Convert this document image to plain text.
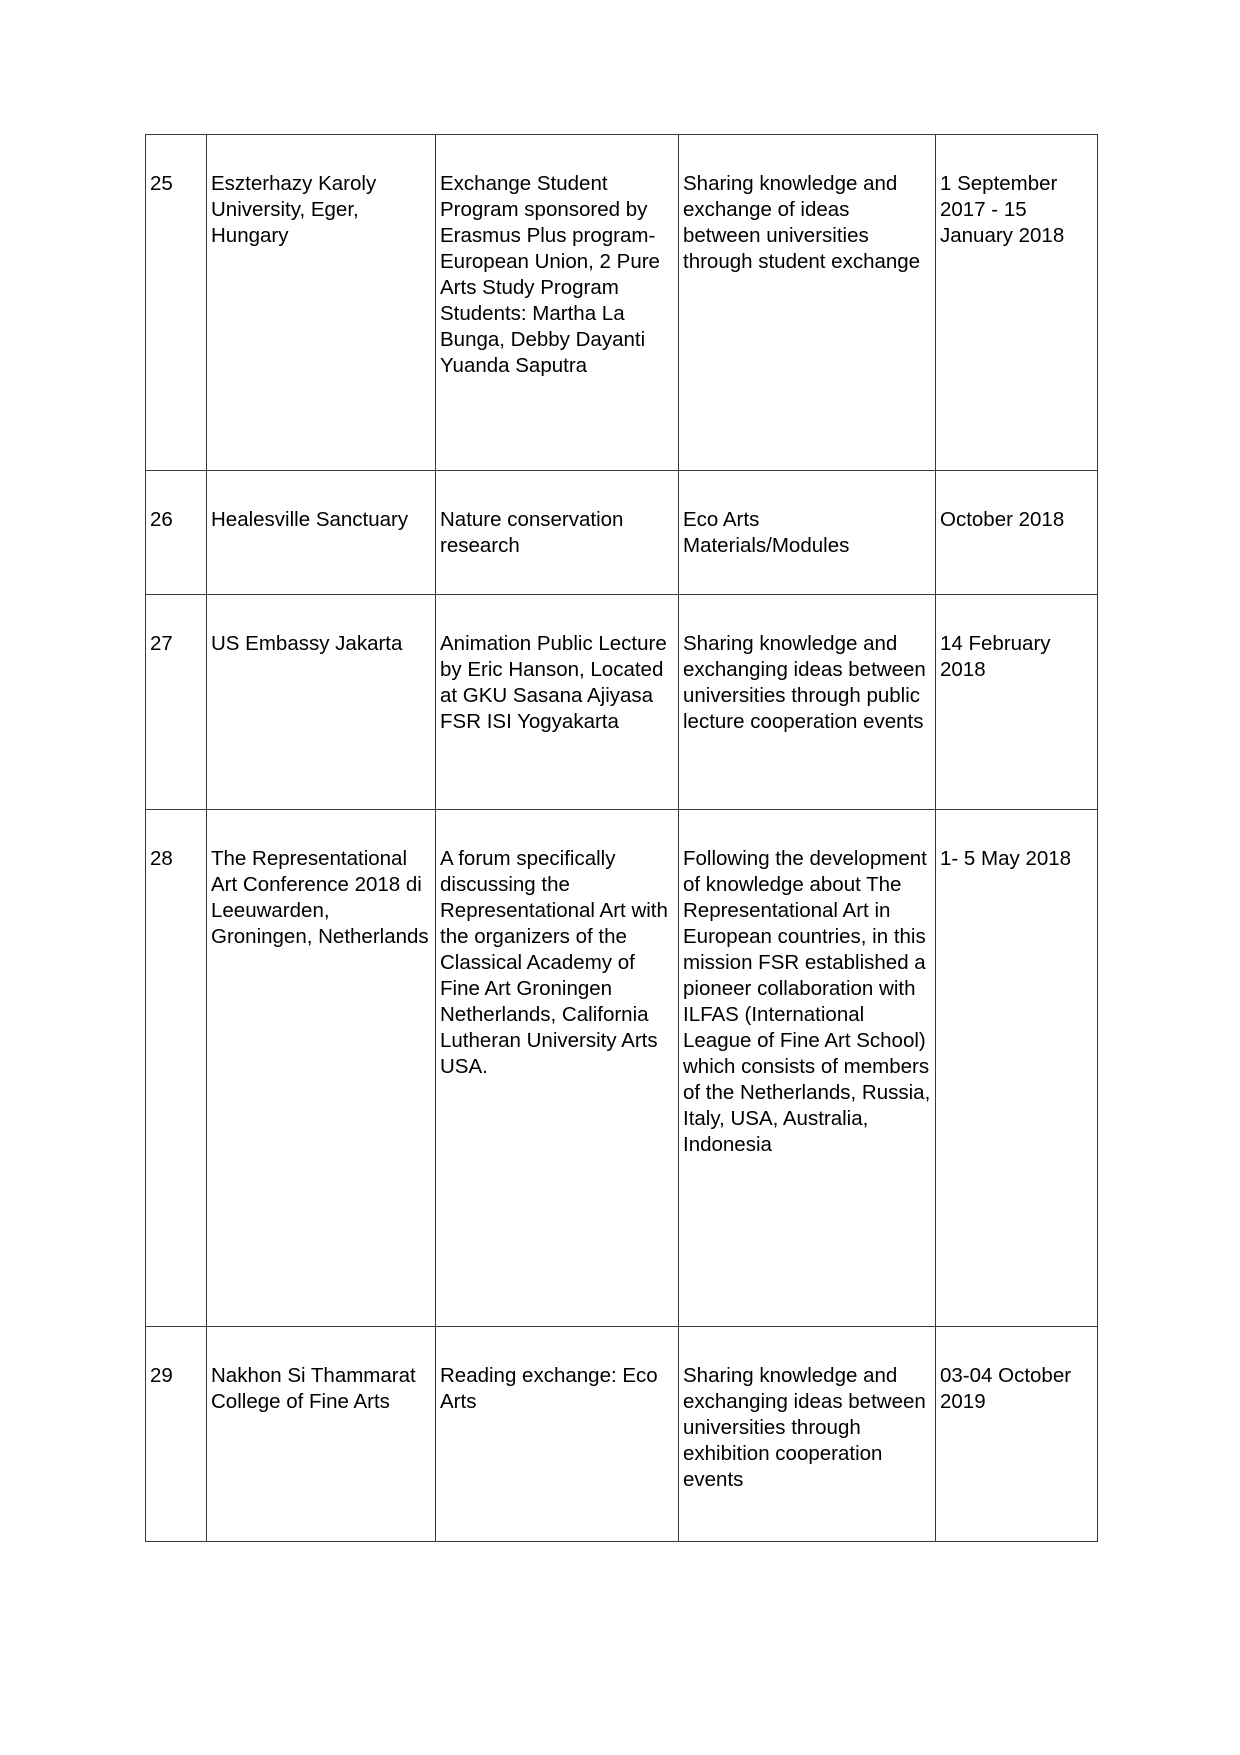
25	Eszterhazy Karoly University, Eger, Hungary	Exchange Student Program sponsored by Erasmus Plus program-European Union, 2 Pure Arts Study Program Students: Martha La Bunga, Debby Dayanti Yuanda Saputra	Sharing knowledge and exchange of ideas between universities through student exchange	1 September 2017 - 15 January 2018
26	Healesville Sanctuary	Nature conservation research	Eco Arts Materials/Modules	October 2018
27	US Embassy Jakarta	Animation Public Lecture by Eric Hanson, Located at GKU Sasana Ajiyasa FSR ISI Yogyakarta	Sharing knowledge and exchanging ideas between universities through public lecture cooperation events	14 February 2018
28	The Representational Art Conference 2018 di Leeuwarden, Groningen, Netherlands	A forum specifically discussing the Representational Art with the organizers of the Classical Academy of Fine Art Groningen Netherlands, California Lutheran University Arts USA.	Following the development of knowledge about The Representational Art in European countries, in this mission FSR established a pioneer collaboration with ILFAS (International League of Fine Art School) which consists of members of the Netherlands, Russia, Italy, USA, Australia, Indonesia	1- 5 May 2018
29	Nakhon Si Thammarat College of Fine Arts	Reading exchange: Eco Arts	Sharing knowledge and exchanging ideas between universities through exhibition cooperation events	03-04 October 2019
